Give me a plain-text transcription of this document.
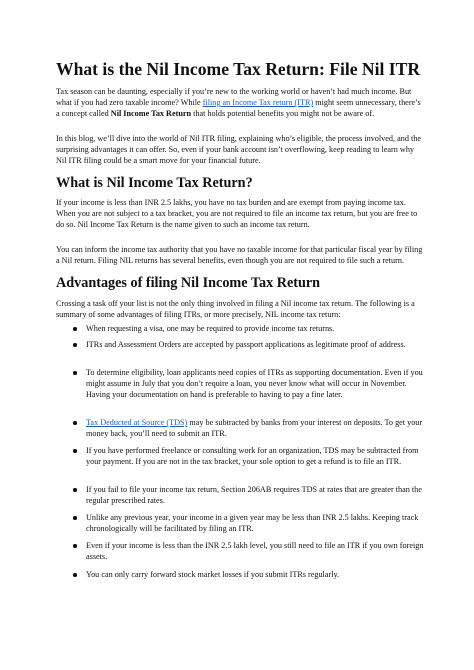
What is the Nil Income Tax Return: File Nil ITR

Tax season can be daunting, especially if you’re new to the working world or haven’t had much income. But what if you had zero taxable income? While filing an Income Tax return (ITR) might seem unnecessary, there’s a concept called Nil Income Tax Return that holds potential benefits you might not be aware of.

In this blog, we’ll dive into the world of Nil ITR filing, explaining who’s eligible, the process involved, and the surprising advantages it can offer. So, even if your bank account isn’t overflowing, keep reading to learn why Nil ITR filing could be a smart move for your financial future.

What is Nil Income Tax Return?

If your income is less than INR 2.5 lakhs, you have no tax burden and are exempt from paying income tax. When you are not subject to a tax bracket, you are not required to file an income tax return, but you are free to do so. Nil Income Tax Return is the name given to such an income tax return.

You can inform the income tax authority that you have no taxable income for that particular fiscal year by filing a Nil return. Filing NIL returns has several benefits, even though you are not required to file such a return.

Advantages of filing Nil Income Tax Return

Crossing a task off your list is not the only thing involved in filing a Nil income tax return. The following is a summary of some advantages of filing ITRs, or more precisely, NIL income tax return:

When requesting a visa, one may be required to provide income tax returns.
ITRs and Assessment Orders are accepted by passport applications as legitimate proof of address.
To determine eligibility, loan applicants need copies of ITRs as supporting documentation. Even if you might assume in July that you don’t require a loan, you never know what will occur in November. Having your documentation on hand is preferable to having to pay a fine later.
Tax Deducted at Source (TDS) may be subtracted by banks from your interest on deposits. To get your money back, you’ll need to submit an ITR.
If you have performed freelance or consulting work for an organization, TDS may be subtracted from your payment. If you are not in the tax bracket, your sole option to get a refund is to file an ITR.
If you fail to file your income tax return, Section 206AB requires TDS at rates that are greater than the regular prescribed rates.
Unlike any previous year, your income in a given year may be less than INR 2.5 lakhs. Keeping track chronologically will be facilitated by filing an ITR.
Even if your income is less than the INR 2.5 lakh level, you still need to file an ITR if you own foreign assets.
You can only carry forward stock market losses if you submit ITRs regularly.
